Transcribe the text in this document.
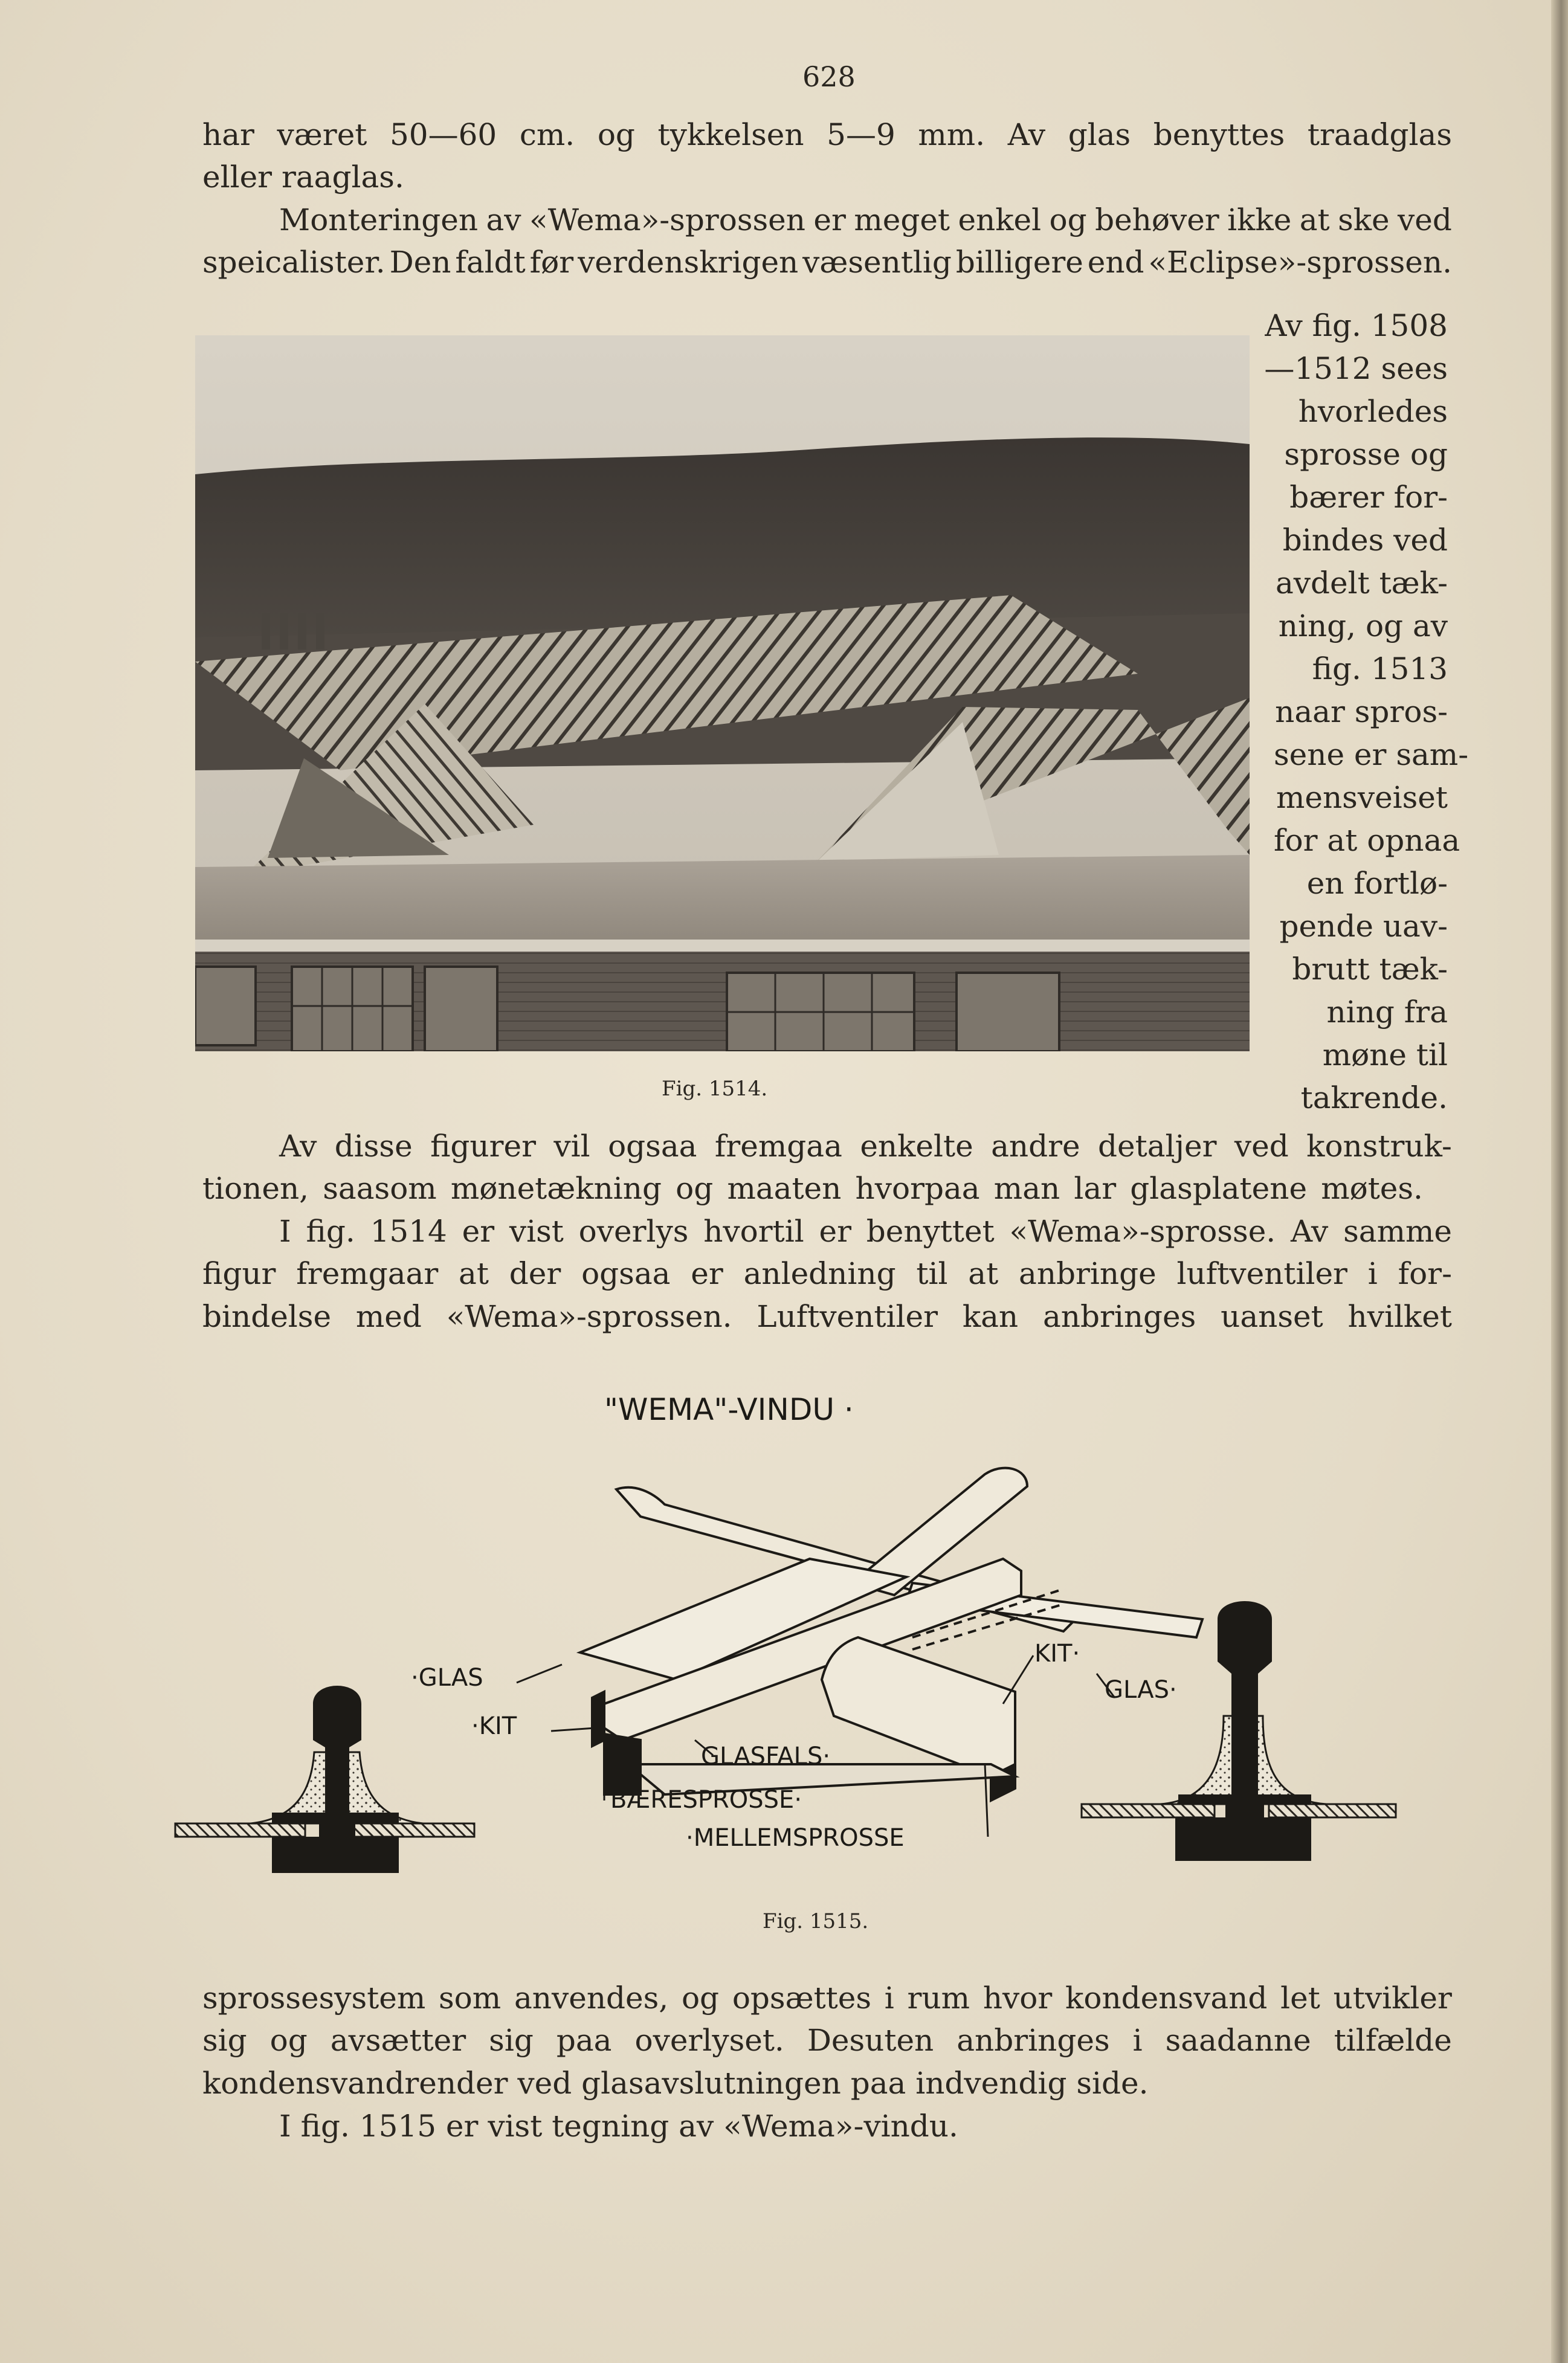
628
har været 50—60 cm. og tykkelsen 5—9 mm. Av glas benyttes traadglas
eller raaglas.
Monteringen av «Wema»-sprossen er meget enkel og behøver ikke at ske ved
speicalister. Den faldt før verdenskrigen væsentlig billigere end «Eclipse»-sprossen.
Av fig. 1508
—1512 sees
hvorledes
sprosse og
bærer for-
bindes ved
avdelt tæk-
ning, og av
fig. 1513
naar spros-
sene er sam-
mensveiset
for at opnaa
en fortlø-
pende uav-
brutt tæk-
ning fra
møne til
takrende.
Fig. 1514.
Av disse figurer vil ogsaa fremgaa enkelte andre detaljer ved konstruk-
tionen, saasom mønetækning og maaten hvorpaa man lar glasplatene møtes.
I fig. 1514 er vist overlys hvortil er benyttet «Wema»-sprosse. Av samme
figur fremgaar at der ogsaa er anledning til at anbringe luftventiler i for-
bindelse med «Wema»-sprossen. Luftventiler kan anbringes uanset hvilket
"WEMA"-VINDU ·
·GLAS
·KIT
KIT·
GLAS·
GLASFALS·
BÆRESPROSSE·
·MELLEMSPROSSE
Fig. 1515.
sprossesystem som anvendes, og opsættes i rum hvor kondensvand let utvikler
sig og avsætter sig paa overlyset. Desuten anbringes i saadanne tilfælde
kondensvandrender ved glasavslutningen paa indvendig side.
I fig. 1515 er vist tegning av «Wema»-vindu.
